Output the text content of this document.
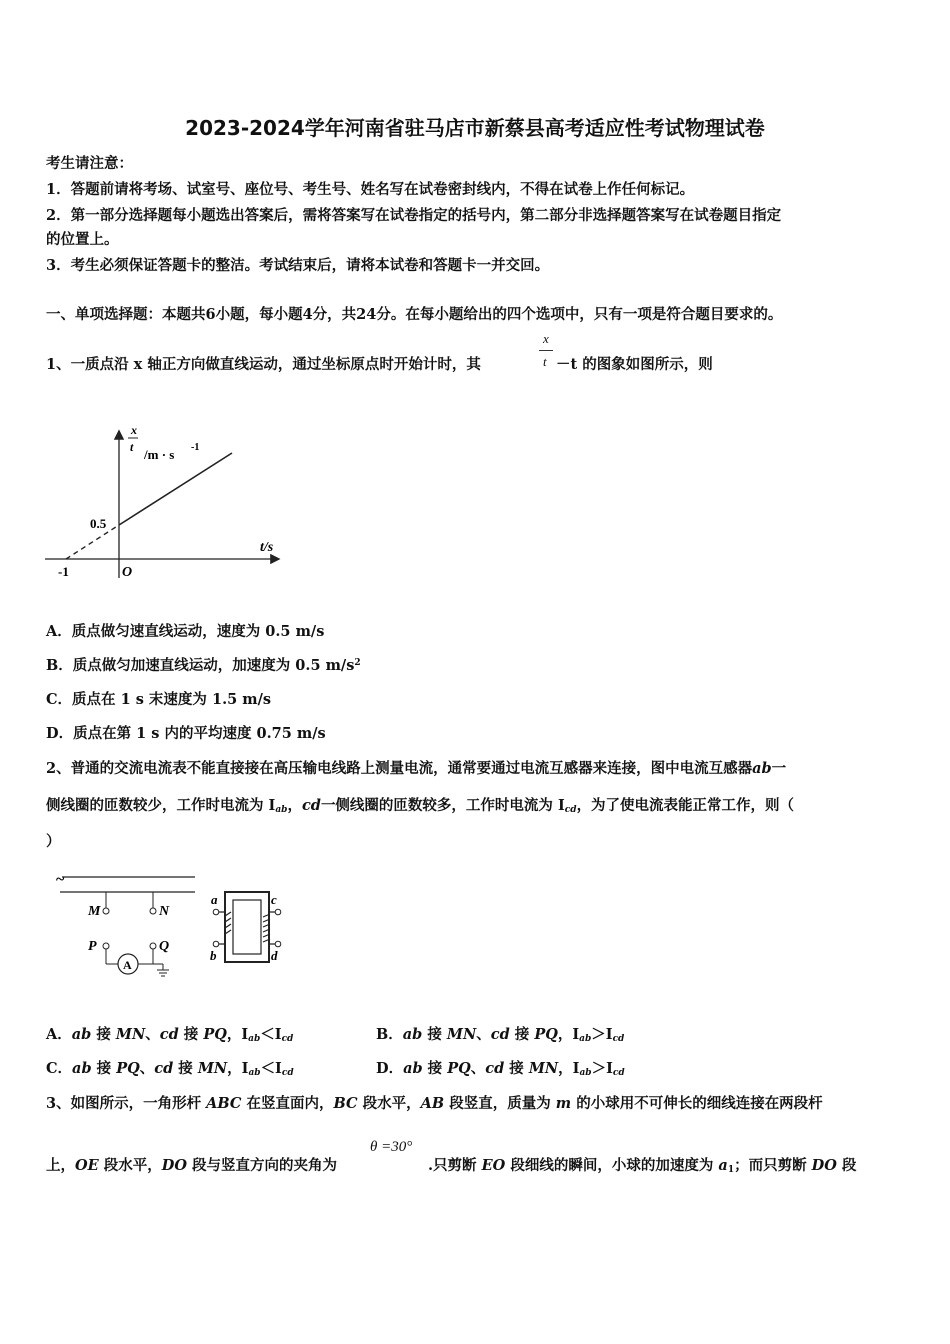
2023-2024学年河南省驻马店市新蔡县高考适应性考试物理试卷
考生请注意：
1．答题前请将考场、试室号、座位号、考生号、姓名写在试卷密封线内，不得在试卷上作任何标记。
2．第一部分选择题每小题选出答案后，需将答案写在试卷指定的括号内，第二部分非选择题答案写在试卷题目指定
的位置上。
3．考生必须保证答题卡的整洁。考试结束后，请将本试卷和答题卡一并交回。
一、单项选择题：本题共6小题，每小题4分，共24分。在每小题给出的四个选项中，只有一项是符合题目要求的。
1、一质点沿 x 轴正方向做直线运动，通过坐标原点时开始计时，其
x
t －t 的图象如图所示，则
x
t /m · s -1
t/s
0.5
-1	O
A．质点做匀速直线运动，速度为 0.5 m/s
B．质点做匀加速直线运动，加速度为 0.5 $m/s^2$
C．质点在 1 s 末速度为 1.5 m/s
D．质点在第 1 s 内的平均速度 0.75 m/s
2、普通的交流电流表不能直接接在高压输电线路上测量电流，通常要通过电流互感器来连接，图中电流互感器ab一
侧线圈的匝数较少，工作时电流为 $I_{ab}$，cd一侧线圈的匝数较多，工作时电流为 $I_{cd}$，为了使电流表能正常工作，则（
）
~
M	N
P
A
Q
a
b
c
d
A．ab 接 MN、cd 接 PQ，$I_{ab}<I_{cd}$	B．ab 接 MN、cd 接 PQ，$I_{ab}>I_{cd}$
C．ab 接 PQ、cd 接 MN，$I_{ab}<I_{cd}$	D．ab 接 PQ、cd 接 MN，$I_{ab}>I_{cd}$
3、如图所示，一角形杆 ABC 在竖直面内，BC 段水平，AB 段竖直，质量为 m 的小球用不可伸长的细线连接在两段杆
上，OE 段水平，DO 段与竖直方向的夹角为
θ =30°
.只剪断 EO 段细线的瞬间，小球的加速度为 $a_1$；而只剪断 DO 段
